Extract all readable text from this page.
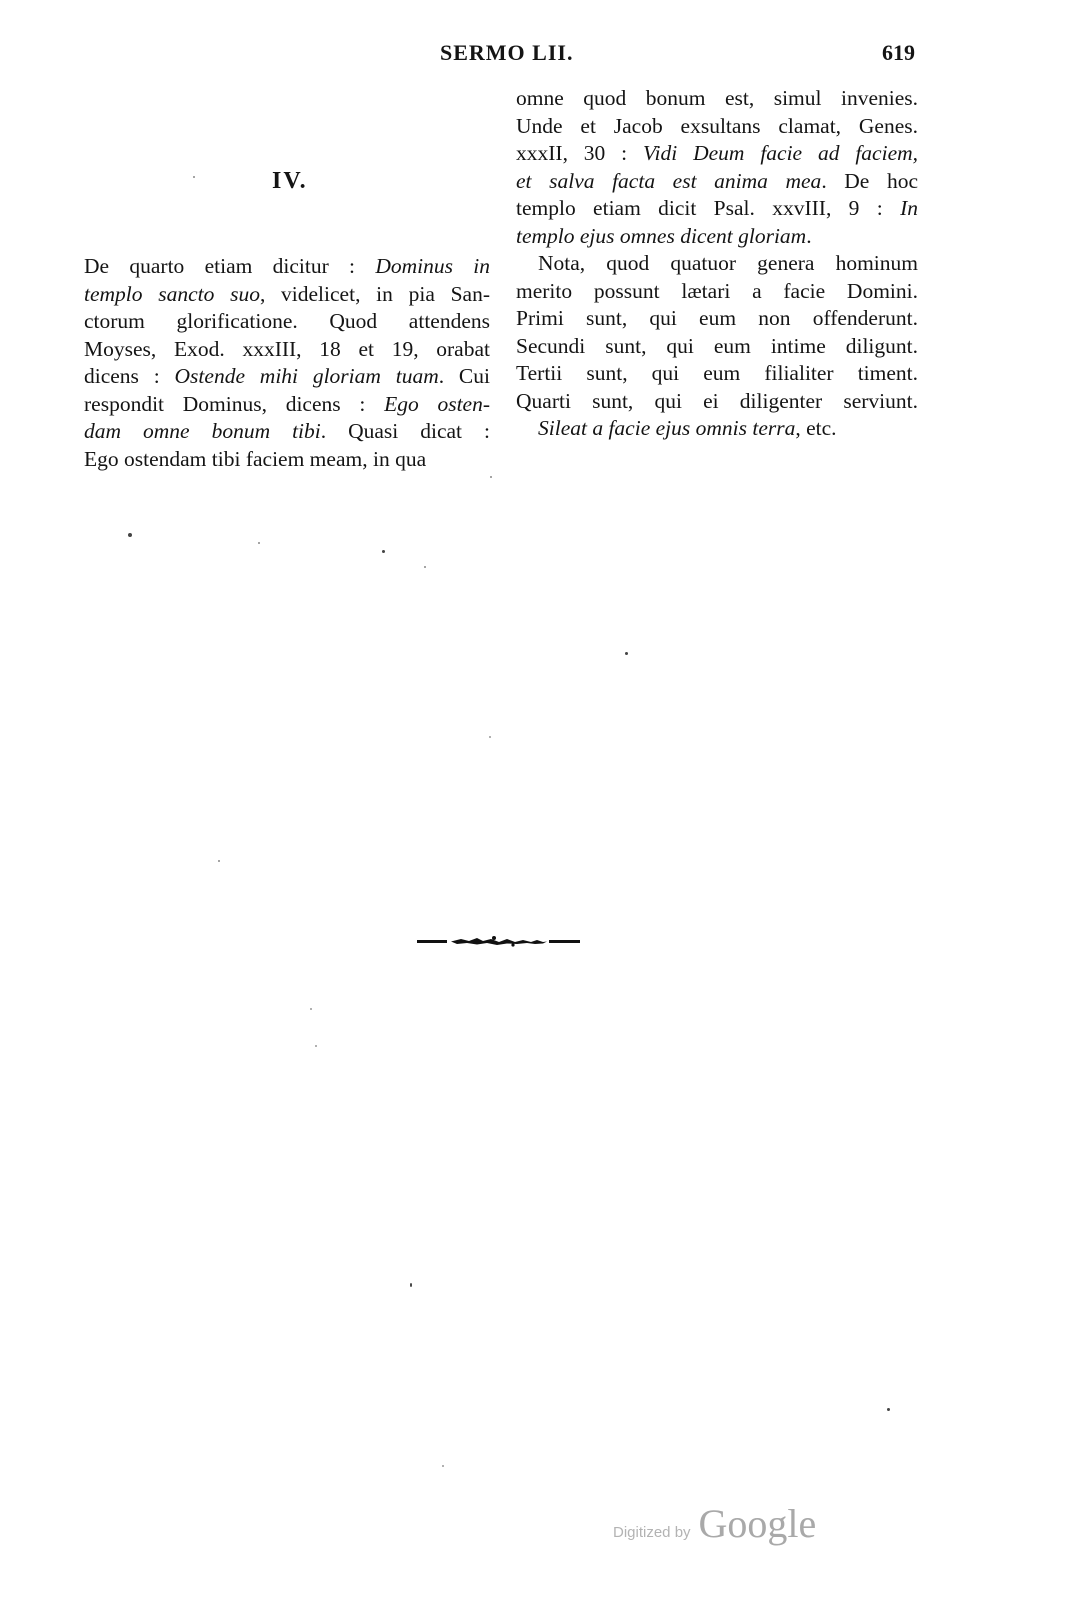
SERMO LII.	619
IV.
De quarto etiam dicitur : Dominus in
templo sancto suo, videlicet, in pia San-
ctorum glorificatione. Quod attendens
Moyses, Exod. xxxIII, 18 et 19, orabat
dicens : Ostende mihi gloriam tuam. Cui
respondit Dominus, dicens : Ego osten-
dam omne bonum tibi. Quasi dicat :
Ego ostendam tibi faciem meam, in qua
omne quod bonum est, simul invenies.
Unde et Jacob exsultans clamat, Genes.
xxxII, 30 : Vidi Deum facie ad faciem,
et salva facta est anima mea. De hoc
templo etiam dicit Psal. xxvIII, 9 : In
templo ejus omnes dicent gloriam.
Nota, quod quatuor genera hominum
merito possunt lætari a facie Domini.
Primi sunt, qui eum non offenderunt.
Secundi sunt, qui eum intime diligunt.
Tertii sunt, qui eum filialiter timent.
Quarti sunt, qui ei diligenter serviunt.
Sileat a facie ejus omnis terra, etc.
Digitized by Google
